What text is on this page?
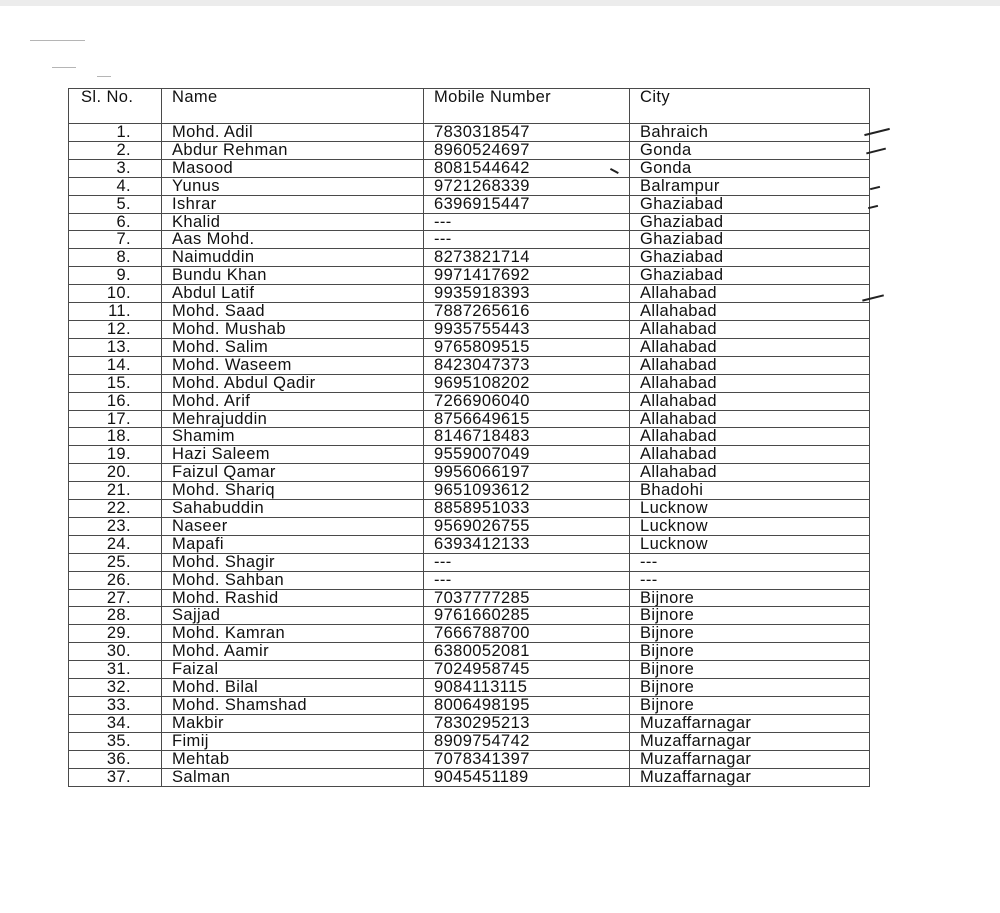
Sl. No.	Name	Mobile Number	City
1.	Mohd. Adil	7830318547	Bahraich
2.	Abdur Rehman	8960524697	Gonda
3.	Masood	8081544642	Gonda
4.	Yunus	9721268339	Balrampur
5.	Ishrar	6396915447	Ghaziabad
6.	Khalid	---	Ghaziabad
7.	Aas Mohd.	---	Ghaziabad
8.	Naimuddin	8273821714	Ghaziabad
9.	Bundu Khan	9971417692	Ghaziabad
10.	Abdul Latif	9935918393	Allahabad
11.	Mohd. Saad	7887265616	Allahabad
12.	Mohd. Mushab	9935755443	Allahabad
13.	Mohd. Salim	9765809515	Allahabad
14.	Mohd. Waseem	8423047373	Allahabad
15.	Mohd. Abdul Qadir	9695108202	Allahabad
16.	Mohd. Arif	7266906040	Allahabad
17.	Mehrajuddin	8756649615	Allahabad
18.	Shamim	8146718483	Allahabad
19.	Hazi Saleem	9559007049	Allahabad
20.	Faizul Qamar	9956066197	Allahabad
21.	Mohd. Shariq	9651093612	Bhadohi
22.	Sahabuddin	8858951033	Lucknow
23.	Naseer	9569026755	Lucknow
24.	Mapafi	6393412133	Lucknow
25.	Mohd. Shagir	---	---
26.	Mohd. Sahban	---	---
27.	Mohd. Rashid	7037777285	Bijnore
28.	Sajjad	9761660285	Bijnore
29.	Mohd. Kamran	7666788700	Bijnore
30.	Mohd. Aamir	6380052081	Bijnore
31.	Faizal	7024958745	Bijnore
32.	Mohd. Bilal	9084113115	Bijnore
33.	Mohd. Shamshad	8006498195	Bijnore
34.	Makbir	7830295213	Muzaffarnagar
35.	Fimij	8909754742	Muzaffarnagar
36.	Mehtab	7078341397	Muzaffarnagar
37.	Salman	9045451189	Muzaffarnagar
